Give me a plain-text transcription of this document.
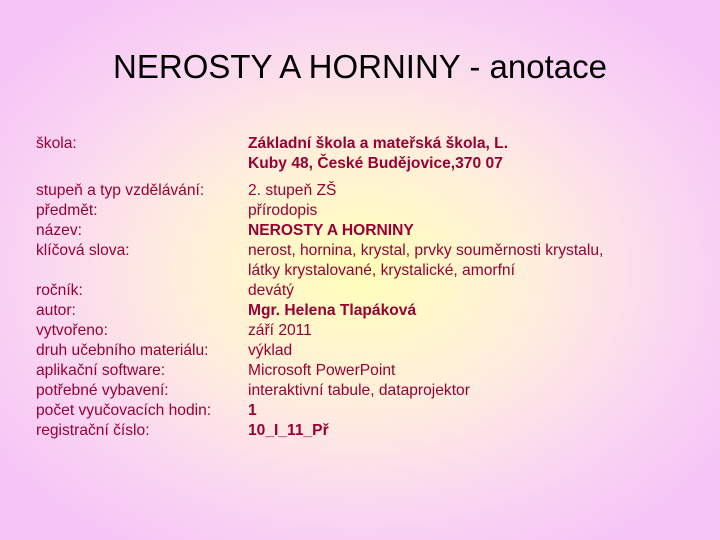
NEROSTY A HORNINY - anotace
škola:
stupeň a typ vzdělávání:
předmět:
název:
klíčová slova:
ročník:
autor:
vytvořeno:
druh učebního materiálu:
aplikační software:
potřebné vybavení:
počet vyučovacích hodin:
registrační číslo:
Základní škola a mateřská škola, L. Kuby 48, České Budějovice,370 07
2. stupeň ZŠ
přírodopis
NEROSTY A HORNINY
nerost, hornina, krystal, prvky souměrnosti krystalu, látky krystalované, krystalické, amorfní
devátý
Mgr. Helena Tlapáková
září 2011
výklad
Microsoft PowerPoint
interaktivní tabule, dataprojektor
1
10_I_11_Př
